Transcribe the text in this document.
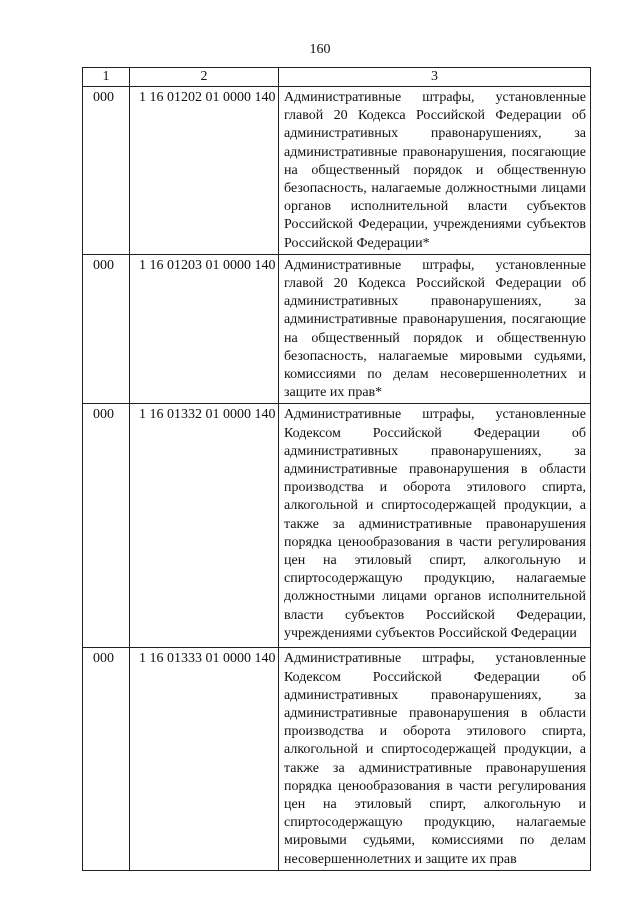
160
1	2	3
000	1 16 01202 01 0000 140	Административные штрафы, установленные главой 20 Кодекса Российской Федерации об административных правонарушениях, за административные правонарушения, посягающие на общественный порядок и общественную безопасность, налагаемые должностными лицами органов исполнительной власти субъектов Российской Федерации, учреждениями субъектов Российской Федерации*
000	1 16 01203 01 0000 140	Административные штрафы, установленные главой 20 Кодекса Российской Федерации об административных правонарушениях, за административные правонарушения, посягающие на общественный порядок и общественную безопасность, налагаемые мировыми судьями, комиссиями по делам несовершеннолетних и защите их прав*
000	1 16 01332 01 0000 140	Административные штрафы, установленные Кодексом Российской Федерации об административных правонарушениях, за административные правонарушения в области производства и оборота этилового спирта, алкогольной и спиртосодержащей продукции, а также за административные правонарушения порядка ценообразования в части регулирования цен на этиловый спирт, алкогольную и спиртосодержащую продукцию, налагаемые должностными лицами органов исполнительной власти субъектов Российской Федерации, учреждениями субъектов Российской Федерации
000	1 16 01333 01 0000 140	Административные штрафы, установленные Кодексом Российской Федерации об административных правонарушениях, за административные правонарушения в области производства и оборота этилового спирта, алкогольной и спиртосодержащей продукции, а также за административные правонарушения порядка ценообразования в части регулирования цен на этиловый спирт, алкогольную и спиртосодержащую продукцию, налагаемые мировыми судьями, комиссиями по делам несовершеннолетних и защите их прав
